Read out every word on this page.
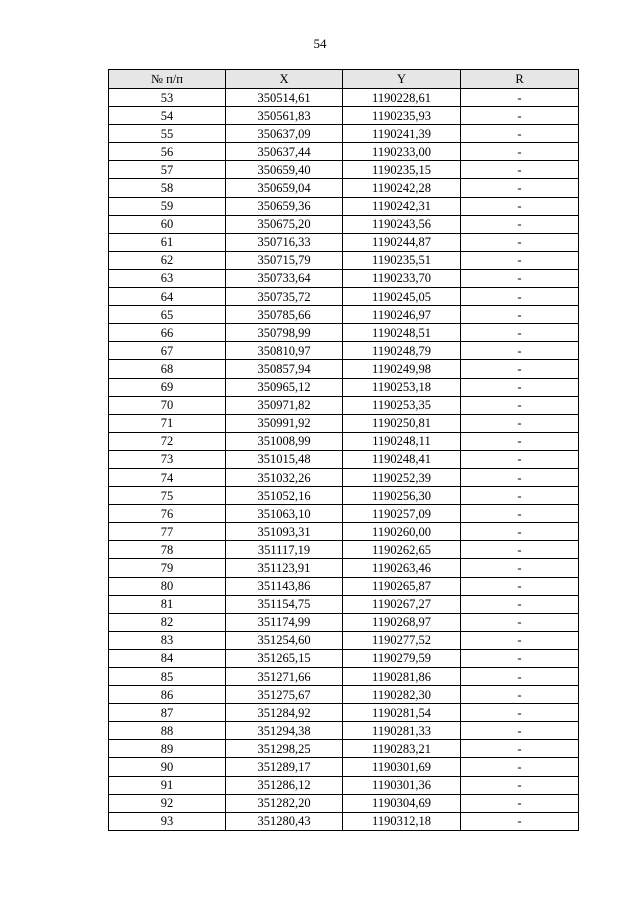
54
№ п/п	X	Y	R
53	350514,61	1190228,61	-
54	350561,83	1190235,93	-
55	350637,09	1190241,39	-
56	350637,44	1190233,00	-
57	350659,40	1190235,15	-
58	350659,04	1190242,28	-
59	350659,36	1190242,31	-
60	350675,20	1190243,56	-
61	350716,33	1190244,87	-
62	350715,79	1190235,51	-
63	350733,64	1190233,70	-
64	350735,72	1190245,05	-
65	350785,66	1190246,97	-
66	350798,99	1190248,51	-
67	350810,97	1190248,79	-
68	350857,94	1190249,98	-
69	350965,12	1190253,18	-
70	350971,82	1190253,35	-
71	350991,92	1190250,81	-
72	351008,99	1190248,11	-
73	351015,48	1190248,41	-
74	351032,26	1190252,39	-
75	351052,16	1190256,30	-
76	351063,10	1190257,09	-
77	351093,31	1190260,00	-
78	351117,19	1190262,65	-
79	351123,91	1190263,46	-
80	351143,86	1190265,87	-
81	351154,75	1190267,27	-
82	351174,99	1190268,97	-
83	351254,60	1190277,52	-
84	351265,15	1190279,59	-
85	351271,66	1190281,86	-
86	351275,67	1190282,30	-
87	351284,92	1190281,54	-
88	351294,38	1190281,33	-
89	351298,25	1190283,21	-
90	351289,17	1190301,69	-
91	351286,12	1190301,36	-
92	351282,20	1190304,69	-
93	351280,43	1190312,18	-
